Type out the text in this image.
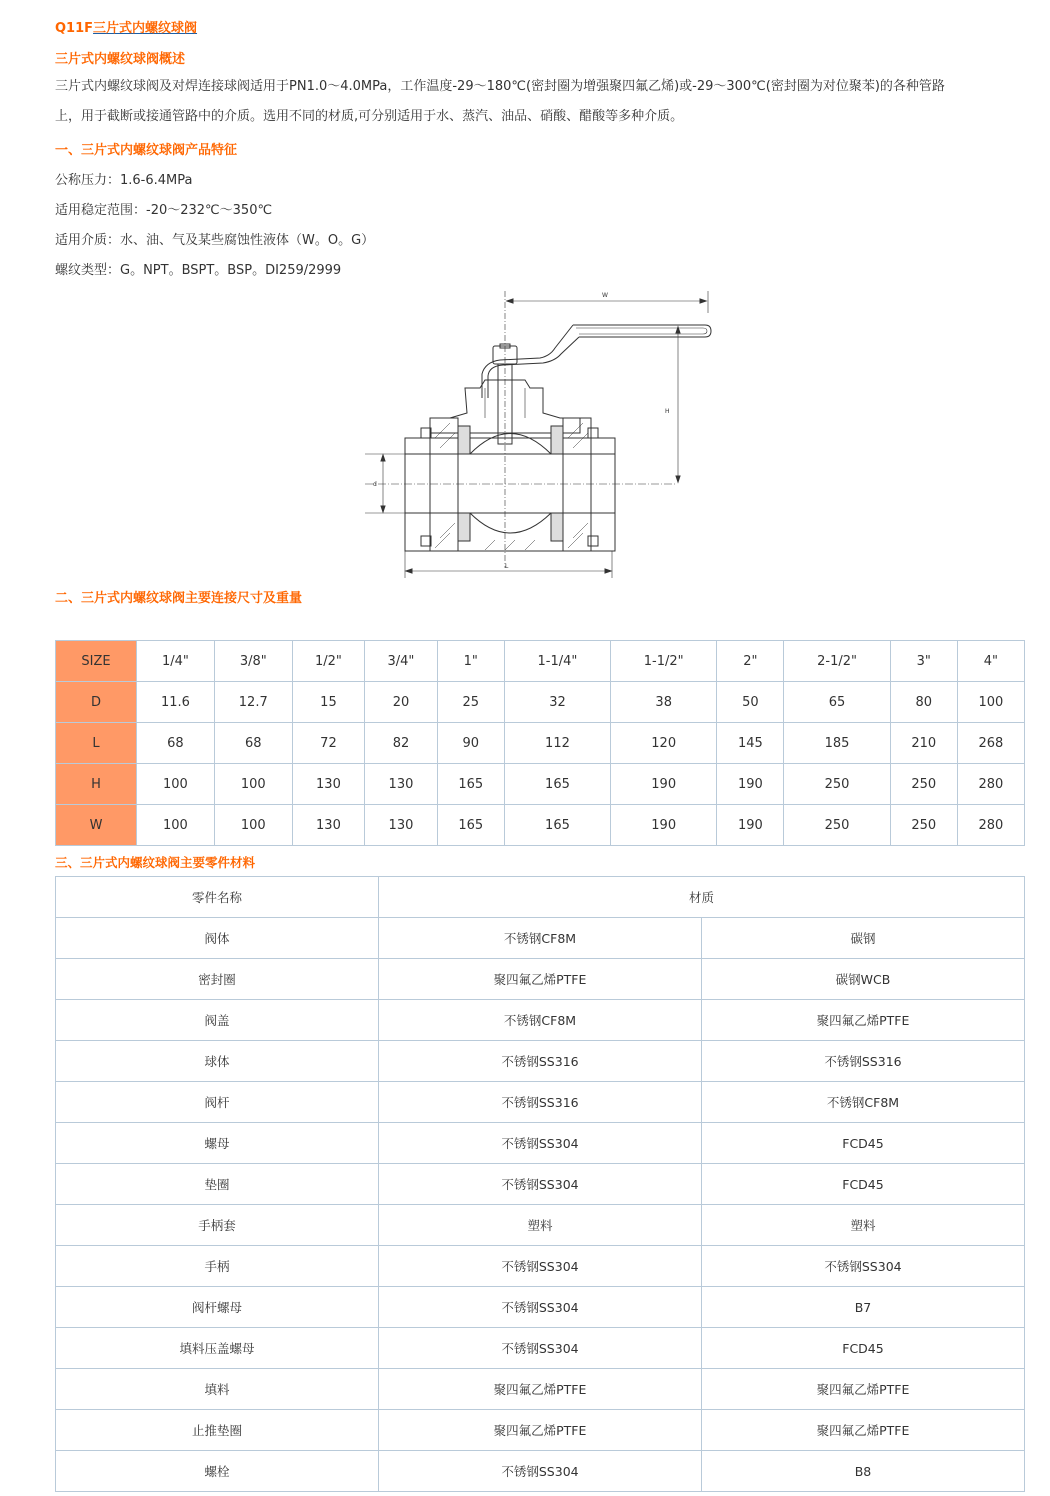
Q11F三片式内螺纹球阀
三片式内螺纹球阀概述
三片式内螺纹球阀及对焊连接球阀适用于PN1.0～4.0MPa，工作温度-29～180℃(密封圈为增强聚四氟乙烯)或-29～300℃(密封圈为对位聚苯)的各种管路
上，用于截断或接通管路中的介质。选用不同的材质,可分别适用于水、蒸汽、油品、硝酸、醋酸等多种介质。
一、三片式内螺纹球阀产品特征
公称压力：1.6-6.4MPa
适用稳定范围：-20～232℃～350℃
适用介质：水、油、气及某些腐蚀性液体（W。O。G）
螺纹类型：G。NPT。BSPT。BSP。DI259/2999
W
d
H
L
二、三片式内螺纹球阀主要连接尺寸及重量
SIZE	1/4"	3/8"	1/2"	3/4"	1"	1-1/4"	1-1/2"	2"	2-1/2"	3"	4"
D	11.6	12.7	15	20	25	32	38	50	65	80	100
L	68	68	72	82	90	112	120	145	185	210	268
H	100	100	130	130	165	165	190	190	250	250	280
W	100	100	130	130	165	165	190	190	250	250	280
三、三片式内螺纹球阀主要零件材料
零件名称	材质	
阀体	不锈钢CF8M	碳钢
密封圈	聚四氟乙烯PTFE	碳钢WCB
阀盖	不锈钢CF8M	聚四氟乙烯PTFE
球体	不锈钢SS316	不锈钢SS316
阀杆	不锈钢SS316	不锈钢CF8M
螺母	不锈钢SS304	FCD45
垫圈	不锈钢SS304	FCD45
手柄套	塑料	塑料
手柄	不锈钢SS304	不锈钢SS304
阀杆螺母	不锈钢SS304	B7
填料压盖螺母	不锈钢SS304	FCD45
填料	聚四氟乙烯PTFE	聚四氟乙烯PTFE
止推垫圈	聚四氟乙烯PTFE	聚四氟乙烯PTFE
螺栓	不锈钢SS304	B8
